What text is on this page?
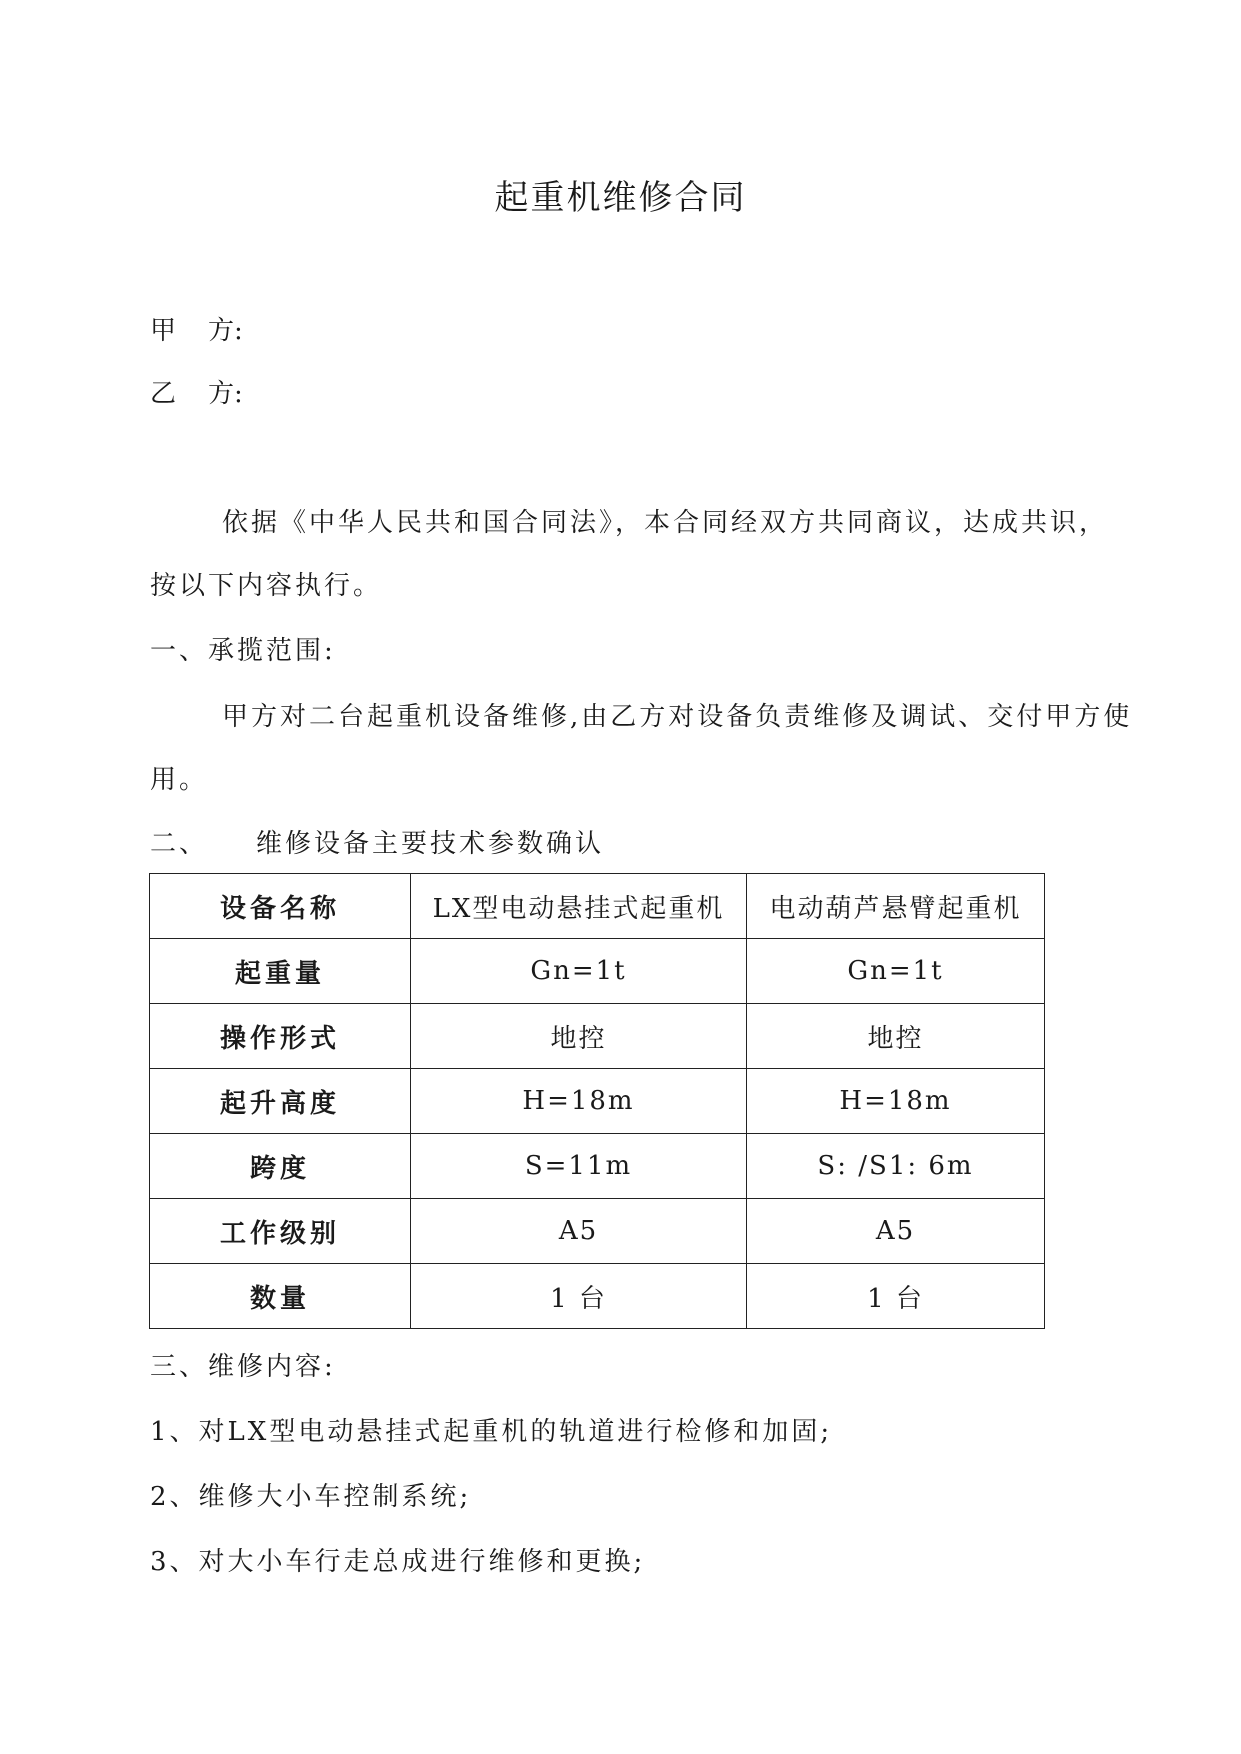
起重机维修合同
甲 方:
乙 方:
依据《中华人民共和国合同法》，本合同经双方共同商议，达成共识，
按以下内容执行。
一、承揽范围:
甲方对二台起重机设备维修,由乙方对设备负责维修及调试、交付甲方使
用。
二、 维修设备主要技术参数确认
设备名称	LX型电动悬挂式起重机	电动葫芦悬臂起重机
起重量	Gn=1t	Gn=1t
操作形式	地控	地控
起升高度	H=18m	H=18m
跨度	S=11m	S: /S1: 6m
工作级别	A5	A5
数量	1 台	1 台
三、维修内容:
1、对LX型电动悬挂式起重机的轨道进行检修和加固;
2、维修大小车控制系统;
3、对大小车行走总成进行维修和更换;
